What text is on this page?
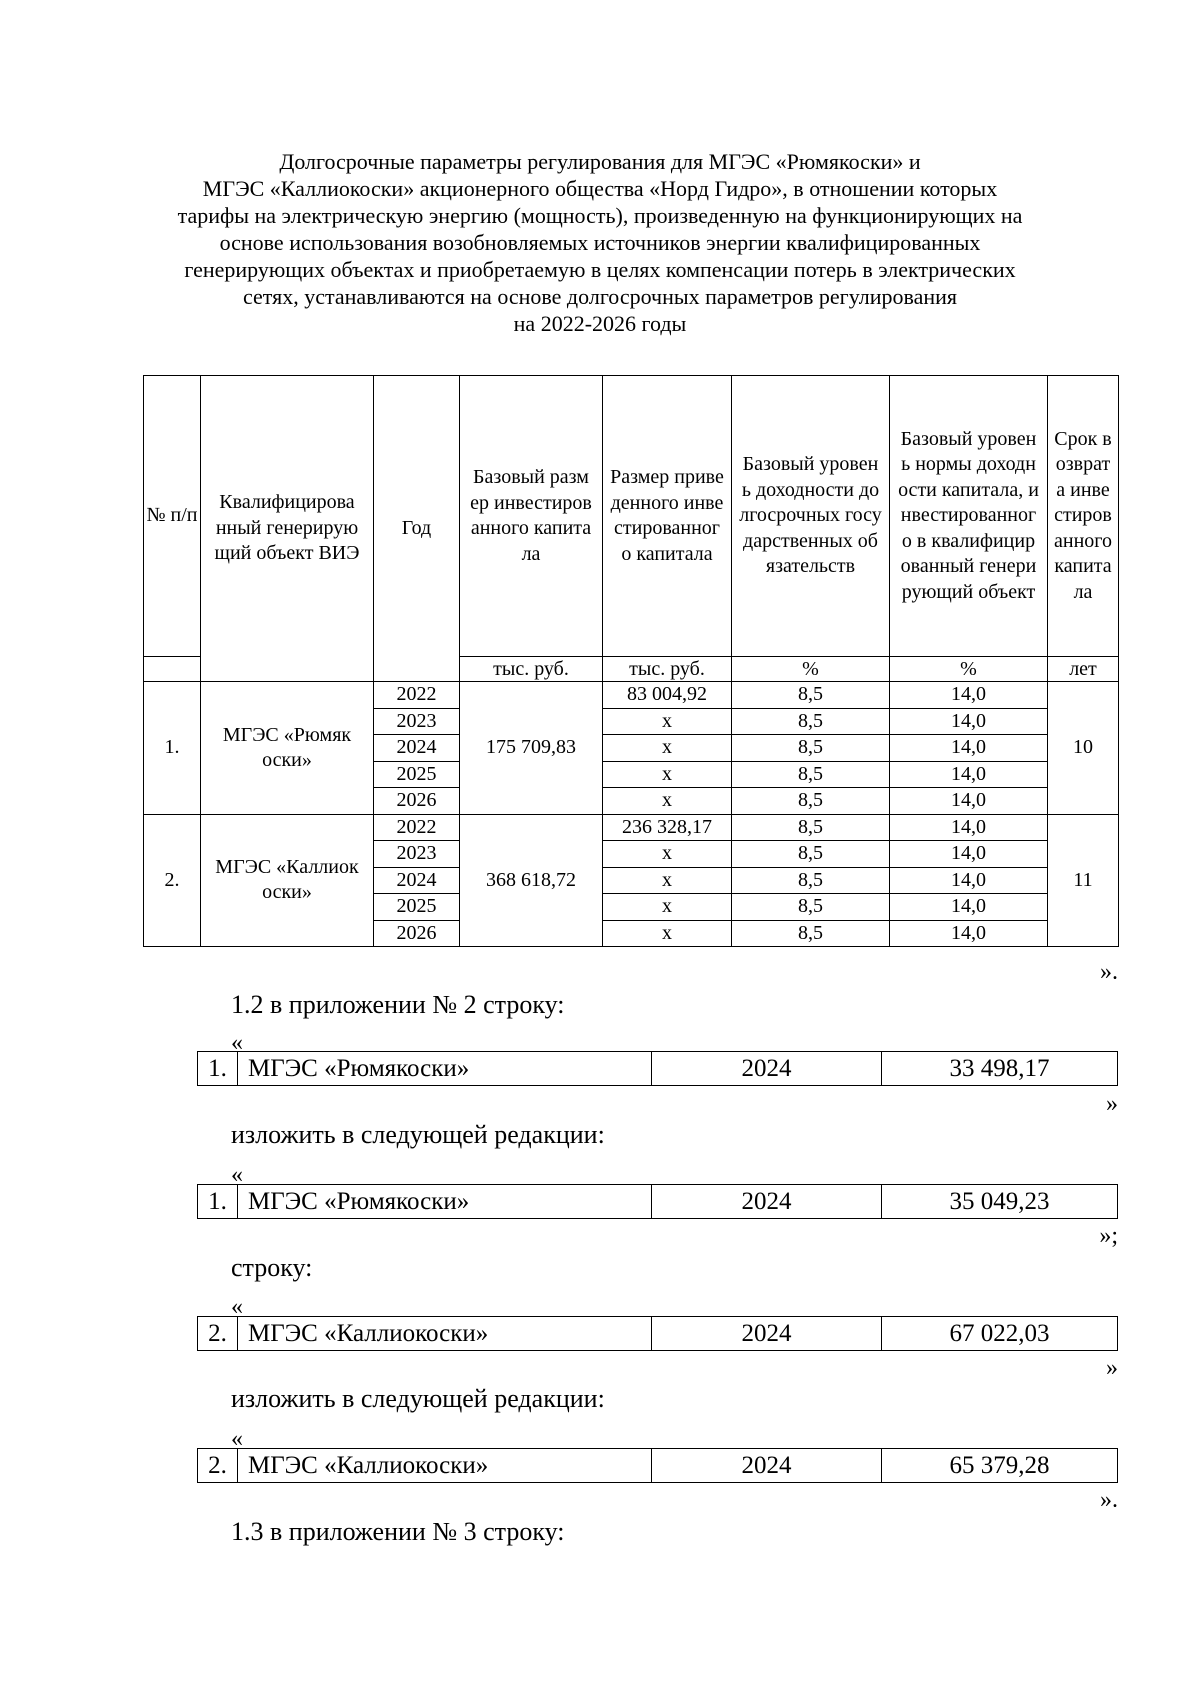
Долгосрочные параметры регулирования для МГЭС «Рюмякоски» и
МГЭС «Каллиокоски» акционерного общества «Норд Гидро», в отношении которых
тарифы на электрическую энергию (мощность), произведенную на функционирующих на
основе использования возобновляемых источников энергии квалифицированных
генерирующих объектах и приобретаемую в целях компенсации потерь в электрических
сетях, устанавливаются на основе долгосрочных параметров регулирования
на 2022-2026 годы
№ п/п	Квалифицированный генерирующий объект ВИЭ	Год	Базовый размер инвестированного капитала	Размер приведенного инвестированного капитала	Базовый уровень доходности долгосрочных государственных обязательств	Базовый уровень нормы доходности капитала, инвестированного в квалифицированный генерирующий объект	Срок возврата инвестированного капитала

			тыс. руб.	тыс. руб.	%	%	лет
1.	МГЭС «Рюмякоски»	2022	175 709,83	83 004,92	8,5	14,0	10
		2023		х	8,5	14,0	
		2024		х	8,5	14,0	
		2025		х	8,5	14,0	
		2026		х	8,5	14,0	
2.	МГЭС «Каллиокоски»	2022	368 618,72	236 328,17	8,5	14,0	11
		2023		х	8,5	14,0	
		2024		х	8,5	14,0	
		2025		х	8,5	14,0	
		2026		х	8,5	14,0	
».
1.2 в приложении № 2 строку:
«
1.	МГЭС «Рюмякоски»	2024	33 498,17
»
изложить в следующей редакции:
«
1.	МГЭС «Рюмякоски»	2024	35 049,23
»;
строку:
«
2.	МГЭС «Каллиокоски»	2024	67 022,03
»
изложить в следующей редакции:
«
2.	МГЭС «Каллиокоски»	2024	65 379,28
».
1.3 в приложении № 3 строку:
